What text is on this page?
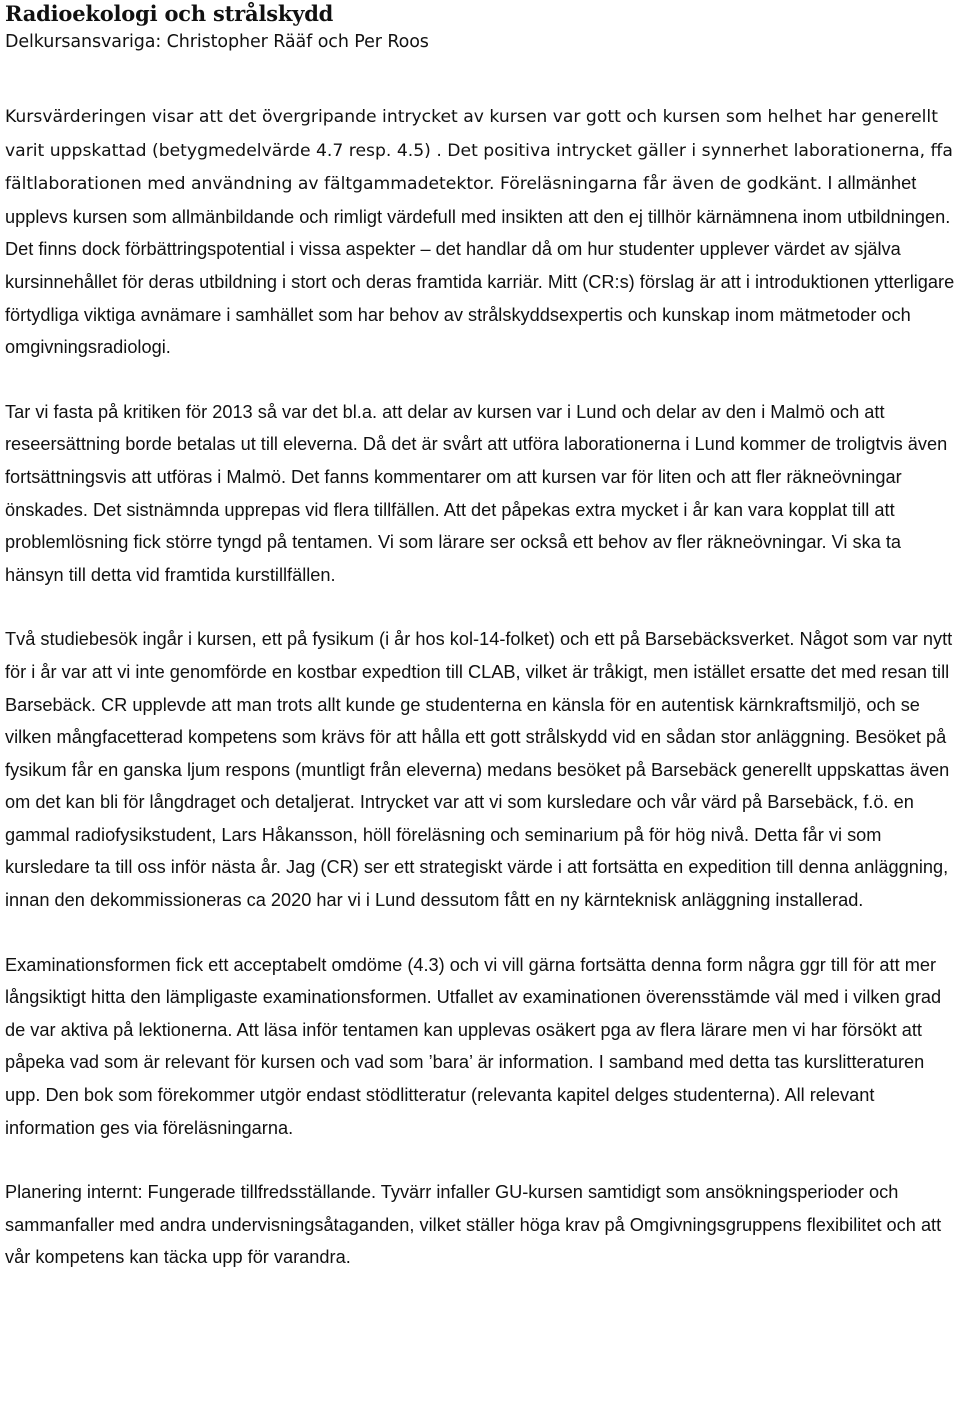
Radioekologi och strålskydd

Delkursansvariga: Christopher Rääf och Per Roos

Kursvärderingen visar att det övergripande intrycket av kursen var gott och kursen som helhet har generellt varit uppskattad (betygmedelvärde 4.7 resp. 4.5) . Det positiva intrycket gäller i synnerhet laborationerna, ffa fältlaborationen med användning av fältgammadetektor. Föreläsningarna får även de godkänt. I allmänhet upplevs kursen som allmänbildande och rimligt värdefull med insikten att den ej tillhör kärnämnena inom utbildningen. Det finns dock förbättringspotential i vissa aspekter – det handlar då om hur studenter upplever värdet av själva kursinnehållet för deras utbildning i stort och deras framtida karriär. Mitt (CR:s) förslag är att i introduktionen ytterligare förtydliga viktiga avnämare i samhället som har behov av strålskyddsexpertis och kunskap inom mätmetoder och omgivningsradiologi.

Tar vi fasta på kritiken för 2013 så var det bl.a. att delar av kursen var i Lund och delar av den i Malmö och att reseersättning borde betalas ut till eleverna. Då det är svårt att utföra laborationerna i Lund kommer de troligtvis även fortsättningsvis att utföras i Malmö. Det fanns kommentarer om att kursen var för liten och att fler räkneövningar önskades. Det sistnämnda upprepas vid flera tillfällen. Att det påpekas extra mycket i år kan vara kopplat till att problemlösning fick större tyngd på tentamen. Vi som lärare ser också ett behov av fler räkneövningar. Vi ska ta hänsyn till detta vid framtida kurstillfällen.

Två studiebesök ingår i kursen, ett på fysikum (i år hos kol-14-folket) och ett på Barsebäcksverket. Något som var nytt för i år var att vi inte genomförde en kostbar expedtion till CLAB, vilket är tråkigt, men istället ersatte det med resan till Barsebäck. CR upplevde att man trots allt kunde ge studenterna en känsla för en autentisk kärnkraftsmiljö, och se vilken mångfacetterad kompetens som krävs för att hålla ett gott strålskydd vid en sådan stor anläggning. Besöket på fysikum får en ganska ljum respons (muntligt från eleverna) medans besöket på Barsebäck generellt uppskattas även om det kan bli för långdraget och detaljerat. Intrycket var att vi som kursledare och vår värd på Barsebäck, f.ö. en gammal radiofysikstudent, Lars Håkansson, höll föreläsning och seminarium på för hög nivå. Detta får vi som kursledare ta till oss inför nästa år. Jag (CR) ser ett strategiskt värde i att fortsätta en expedition till denna anläggning, innan den dekommissioneras ca 2020 har vi i Lund dessutom fått en ny kärnteknisk anläggning installerad.

Examinationsformen fick ett acceptabelt omdöme (4.3) och vi vill gärna fortsätta denna form några ggr till för att mer långsiktigt hitta den lämpligaste examinationsformen. Utfallet av examinationen överensstämde väl med i vilken grad de var aktiva på lektionerna. Att läsa inför tentamen kan upplevas osäkert pga av flera lärare men vi har försökt att påpeka vad som är relevant för kursen och vad som ’bara’ är information. I samband med detta tas kurslitteraturen upp. Den bok som förekommer utgör endast stödlitteratur (relevanta kapitel delges studenterna). All relevant information ges via föreläsningarna.

Planering internt: Fungerade tillfredsställande. Tyvärr infaller GU-kursen samtidigt som ansökningsperioder och sammanfaller med andra undervisningsåtaganden, vilket ställer höga krav på Omgivningsgruppens flexibilitet och att vår kompetens kan täcka upp för varandra.
